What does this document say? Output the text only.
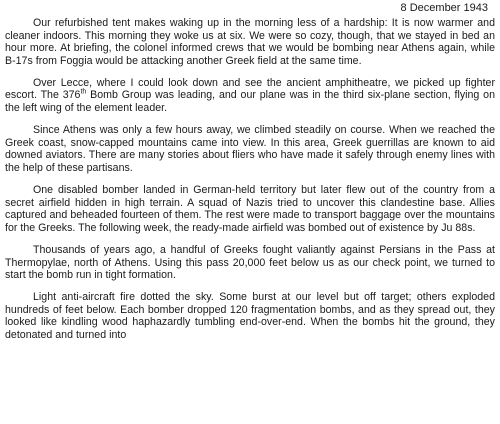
8 December 1943

Our refurbished tent makes waking up in the morning less of a hardship: It is now warmer and cleaner indoors. This morning they woke us at six. We were so cozy, though, that we stayed in bed an hour more. At briefing, the colonel informed crews that we would be bombing near Athens again, while B-17s from Foggia would be attacking another Greek field at the same time.

Over Lecce, where I could look down and see the ancient amphitheatre, we picked up fighter escort. The 376th Bomb Group was leading, and our plane was in the third six-plane section, flying on the left wing of the element leader.

Since Athens was only a few hours away, we climbed steadily on course. When we reached the Greek coast, snow-capped mountains came into view. In this area, Greek guerrillas are known to aid downed aviators. There are many stories about fliers who have made it safely through enemy lines with the help of these partisans.

One disabled bomber landed in German-held territory but later flew out of the country from a secret airfield hidden in high terrain. A squad of Nazis tried to uncover this clandestine base. Allies captured and beheaded fourteen of them. The rest were made to transport baggage over the mountains for the Greeks. The following week, the ready-made airfield was bombed out of existence by Ju 88s.

Thousands of years ago, a handful of Greeks fought valiantly against Persians in the Pass at Thermopylae, north of Athens. Using this pass 20,000 feet below us as our check point, we turned to start the bomb run in tight formation.

Light anti-aircraft fire dotted the sky. Some burst at our level but off target; others exploded hundreds of feet below. Each bomber dropped 120 fragmentation bombs, and as they spread out, they looked like kindling wood haphazardly tumbling end-over-end. When the bombs hit the ground, they detonated and turned into
